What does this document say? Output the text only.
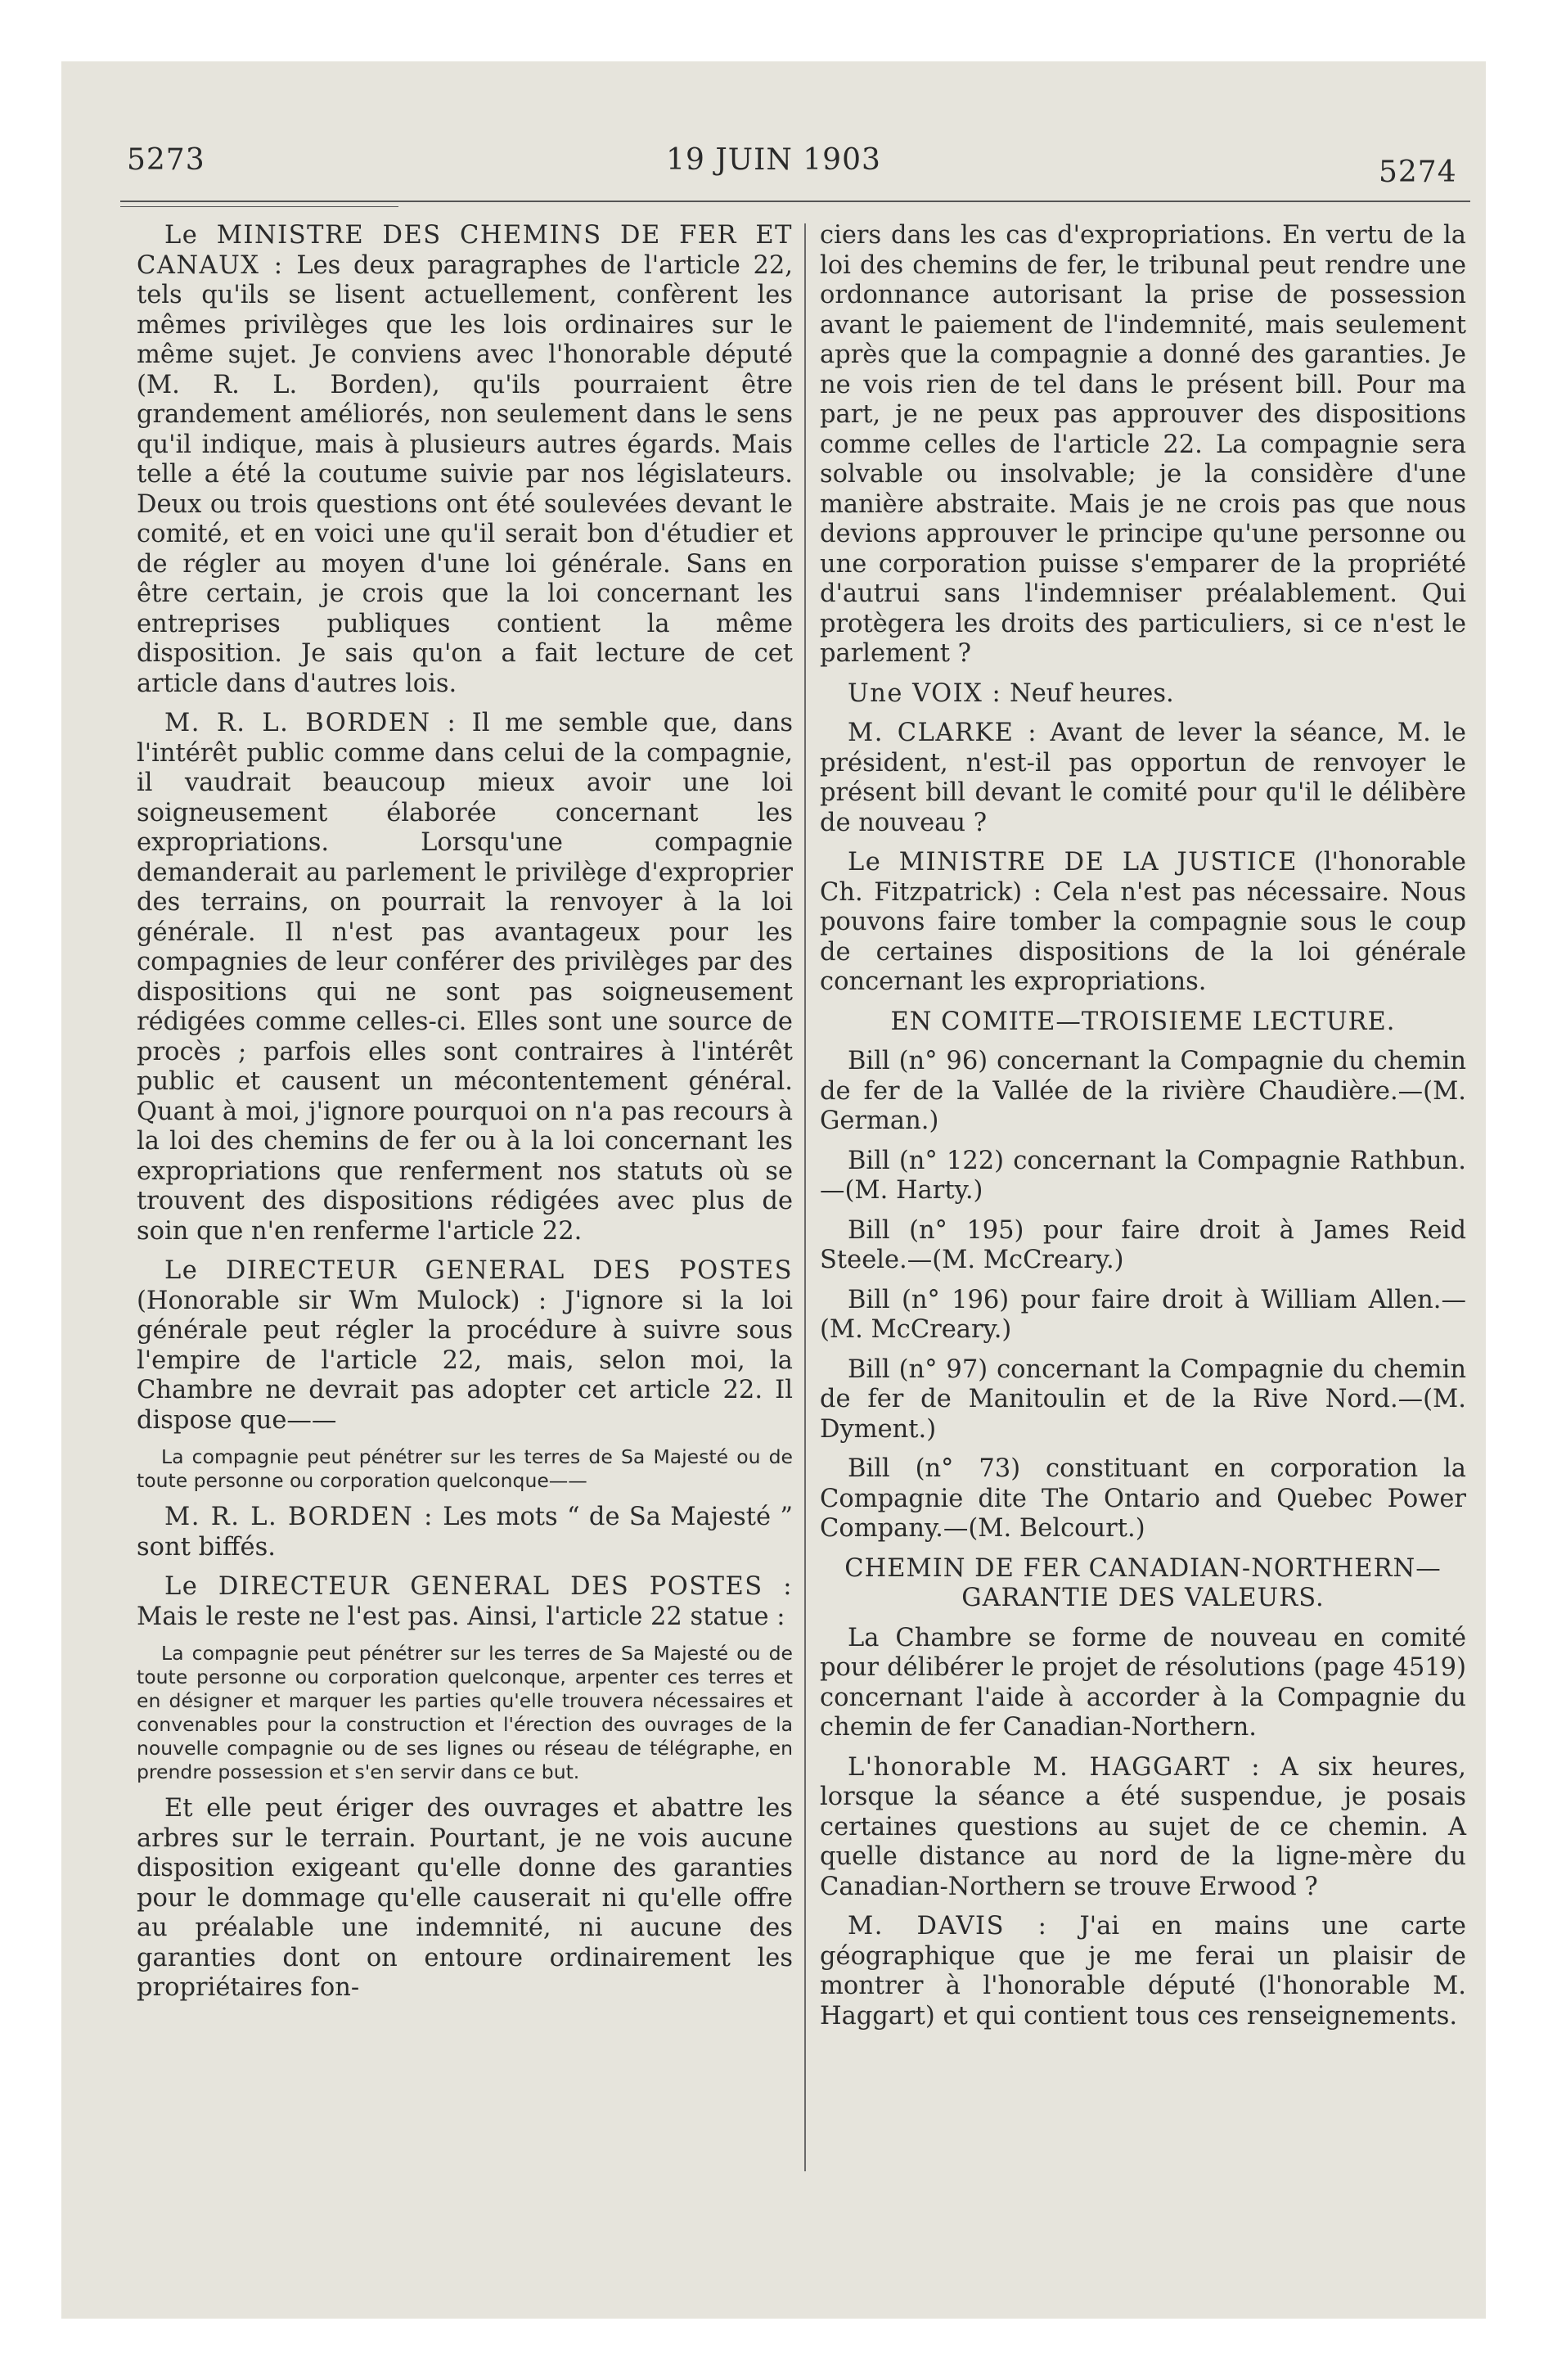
5273	19 JUIN 1903	5274

Le MINISTRE DES CHEMINS DE FER ET CANAUX : Les deux paragraphes de l'article 22, tels qu'ils se lisent actuellement, confèrent les mêmes privilèges que les lois ordinaires sur le même sujet. Je conviens avec l'honorable député (M. R. L. Borden), qu'ils pourraient être grandement améliorés, non seulement dans le sens qu'il indique, mais à plusieurs autres égards. Mais telle a été la coutume suivie par nos législateurs. Deux ou trois questions ont été soulevées devant le comité, et en voici une qu'il serait bon d'étudier et de régler au moyen d'une loi générale. Sans en être certain, je crois que la loi concernant les entreprises publiques contient la même disposition. Je sais qu'on a fait lecture de cet article dans d'autres lois.

M. R. L. BORDEN : Il me semble que, dans l'intérêt public comme dans celui de la compagnie, il vaudrait beaucoup mieux avoir une loi soigneusement élaborée concernant les expropriations. Lorsqu'une compagnie demanderait au parlement le privilège d'exproprier des terrains, on pourrait la renvoyer à la loi générale. Il n'est pas avantageux pour les compagnies de leur conférer des privilèges par des dispositions qui ne sont pas soigneusement rédigées comme celles-ci. Elles sont une source de procès ; parfois elles sont contraires à l'intérêt public et causent un mécontentement général. Quant à moi, j'ignore pourquoi on n'a pas recours à la loi des chemins de fer ou à la loi concernant les expropriations que renferment nos statuts où se trouvent des dispositions rédigées avec plus de soin que n'en renferme l'article 22.

Le DIRECTEUR GENERAL DES POSTES (Honorable sir Wm Mulock) : J'ignore si la loi générale peut régler la procédure à suivre sous l'empire de l'article 22, mais, selon moi, la Chambre ne devrait pas adopter cet article 22. Il dispose que——

La compagnie peut pénétrer sur les terres de Sa Majesté ou de toute personne ou corporation quelconque——

M. R. L. BORDEN : Les mots “ de Sa Majesté ” sont biffés.

Le DIRECTEUR GENERAL DES POSTES : Mais le reste ne l'est pas. Ainsi, l'article 22 statue :

La compagnie peut pénétrer sur les terres de Sa Majesté ou de toute personne ou corporation quelconque, arpenter ces terres et en désigner et marquer les parties qu'elle trouvera nécessaires et convenables pour la construction et l'érection des ouvrages de la nouvelle compagnie ou de ses lignes ou réseau de télégraphe, en prendre possession et s'en servir dans ce but.

Et elle peut ériger des ouvrages et abattre les arbres sur le terrain. Pourtant, je ne vois aucune disposition exigeant qu'elle donne des garanties pour le dommage qu'elle causerait ni qu'elle offre au préalable une indemnité, ni aucune des garanties dont on entoure ordinairement les propriétaires fon-

ciers dans les cas d'expropriations. En vertu de la loi des chemins de fer, le tribunal peut rendre une ordonnance autorisant la prise de possession avant le paiement de l'indemnité, mais seulement après que la compagnie a donné des garanties. Je ne vois rien de tel dans le présent bill. Pour ma part, je ne peux pas approuver des dispositions comme celles de l'article 22. La compagnie sera solvable ou insolvable; je la considère d'une manière abstraite. Mais je ne crois pas que nous devions approuver le principe qu'une personne ou une corporation puisse s'emparer de la propriété d'autrui sans l'indemniser préalablement. Qui protègera les droits des particuliers, si ce n'est le parlement ?

Une VOIX : Neuf heures.

M. CLARKE : Avant de lever la séance, M. le président, n'est-il pas opportun de renvoyer le présent bill devant le comité pour qu'il le délibère de nouveau ?

Le MINISTRE DE LA JUSTICE (l'honorable Ch. Fitzpatrick) : Cela n'est pas nécessaire. Nous pouvons faire tomber la compagnie sous le coup de certaines dispositions de la loi générale concernant les expropriations.

EN COMITE—TROISIEME LECTURE.

Bill (n° 96) concernant la Compagnie du chemin de fer de la Vallée de la rivière Chaudière.—(M. German.)

Bill (n° 122) concernant la Compagnie Rathbun.—(M. Harty.)

Bill (n° 195) pour faire droit à James Reid Steele.—(M. McCreary.)

Bill (n° 196) pour faire droit à William Allen.—(M. McCreary.)

Bill (n° 97) concernant la Compagnie du chemin de fer de Manitoulin et de la Rive Nord.—(M. Dyment.)

Bill (n° 73) constituant en corporation la Compagnie dite The Ontario and Quebec Power Company.—(M. Belcourt.)

CHEMIN DE FER CANADIAN-NORTHERN—GARANTIE DES VALEURS.

La Chambre se forme de nouveau en comité pour délibérer le projet de résolutions (page 4519) concernant l'aide à accorder à la Compagnie du chemin de fer Canadian-Northern.

L'honorable M. HAGGART : A six heures, lorsque la séance a été suspendue, je posais certaines questions au sujet de ce chemin. A quelle distance au nord de la ligne-mère du Canadian-Northern se trouve Erwood ?

M. DAVIS : J'ai en mains une carte géographique que je me ferai un plaisir de montrer à l'honorable député (l'honorable M. Haggart) et qui contient tous ces renseignements.
